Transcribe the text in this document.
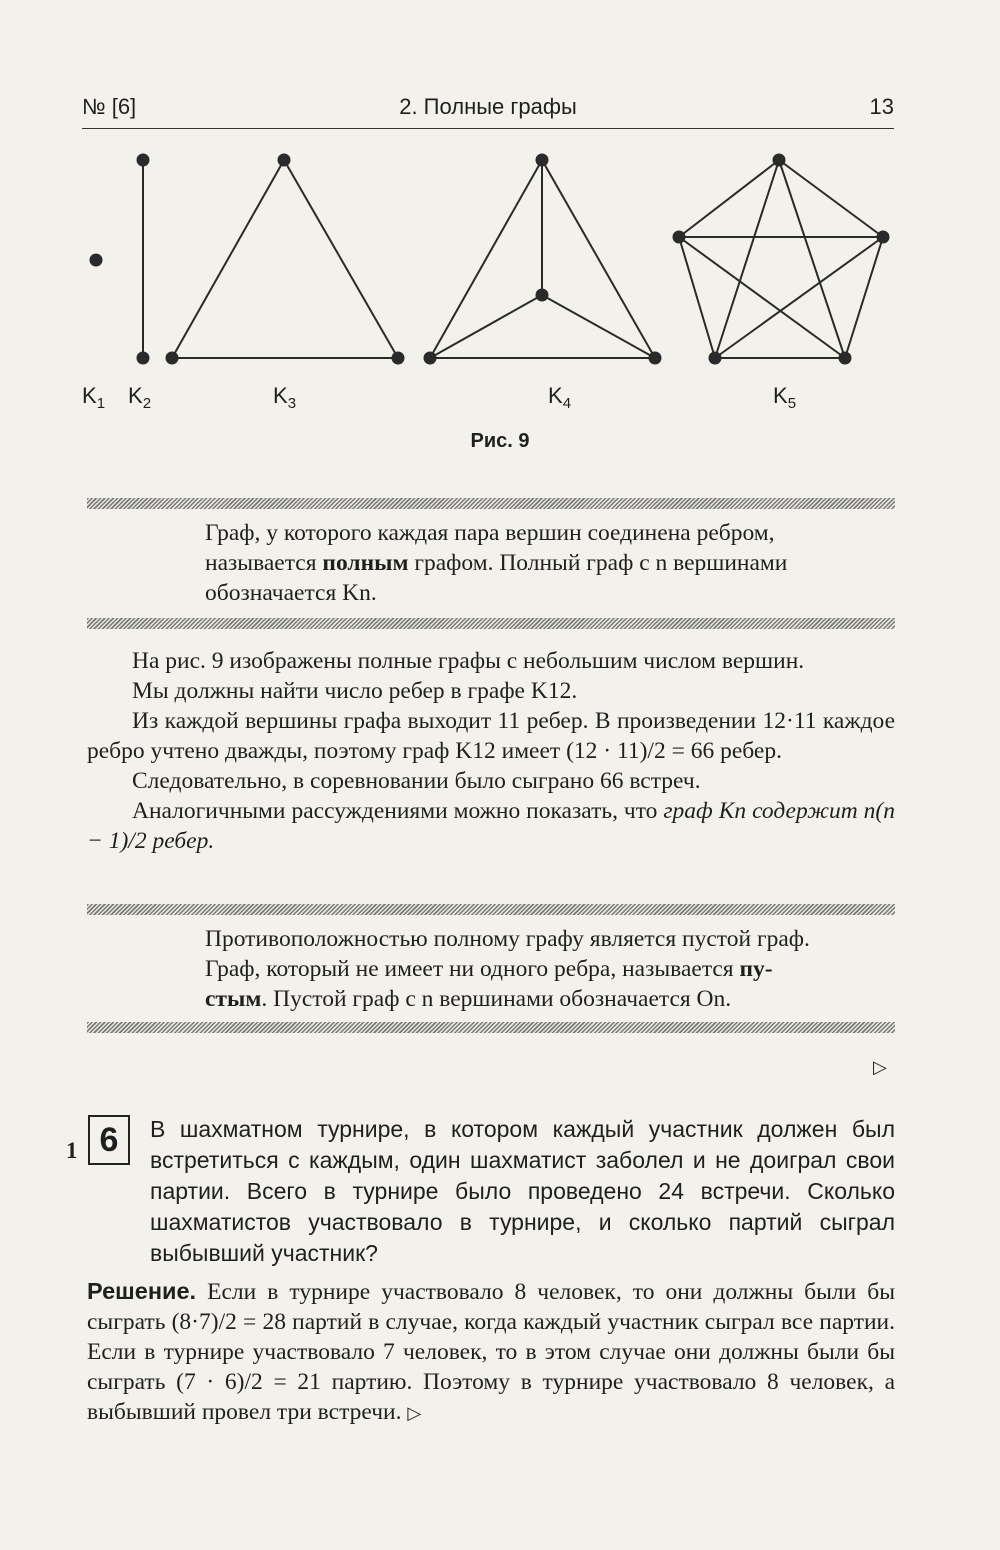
№ [6]	2. Полные графы	13
$K_1$ $K_2$	$K_3$	$K_4$	$K_5$
Рис. 9
Граф, у которого каждая пара вершин соединена ребром,
называется полным графом. Полный граф с n вершинами
обозначается Kn.

На рис. 9 изображены полные графы с небольшим числом вершин.

Мы должны найти число ребер в графе K12.

Из каждой вершины графа выходит 11 ребер. В произведении 12·11 каждое ребро учтено дважды, поэтому граф K12 имеет (12 · 11)/2 = 66 ребер.

Следовательно, в соревновании было сыграно 66 встреч.

Аналогичными рассуждениями можно показать, что граф Kn содержит n(n − 1)/2 ребер.

Противоположностью полному графу является пустой граф.
Граф, который не имеет ни одного ребра, называется пу-
стым. Пустой граф с n вершинами обозначается On.
▷
1 6	В шахматном турнире, в котором каждый участник должен был встретиться с каждым, один шахматист заболел и не доиграл свои партии. Всего в турнире было проведено 24 встречи. Сколько шахматистов участвовало в турнире, и сколько партий сыграл выбывший участник?

Решение. Если в турнире участвовало 8 человек, то они должны были бы сыграть (8·7)/2 = 28 партий в случае, когда каждый участник сыграл все партии. Если в турнире участвовало 7 человек, то в этом случае они должны были бы сыграть (7 · 6)/2 = 21 партию. Поэтому в турнире участвовало 8 человек, а выбывший провел три встречи. ▷
